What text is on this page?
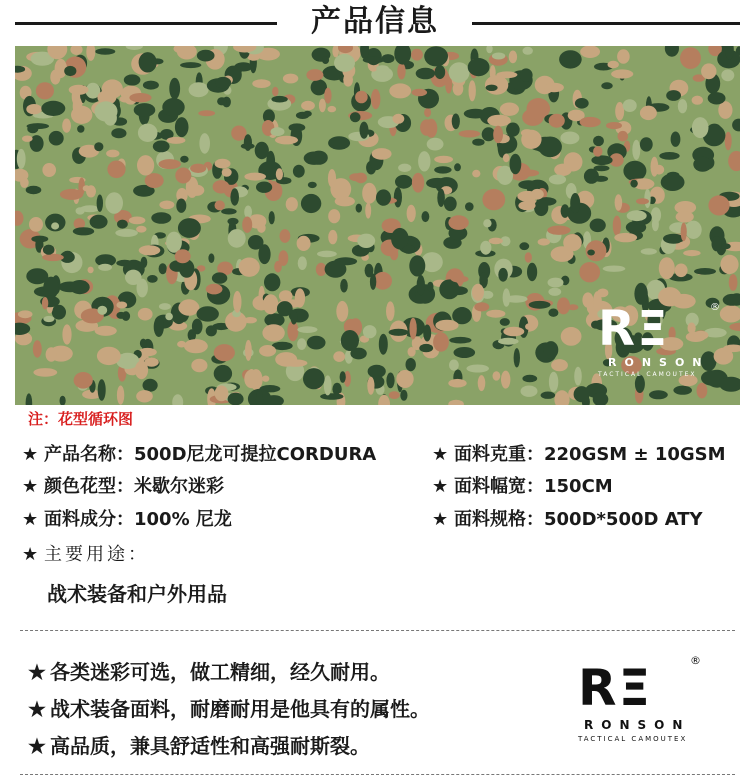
产品信息
RΞ	®
RONSON
TACTICAL CAMOUTEX
注：花型循环图
★ 产品名称：500D尼龙可提拉CORDURA
★ 颜色花型：米歇尔迷彩
★ 面料成分：100% 尼龙
★ 面料克重：220GSM ± 10GSM
★ 面料幅宽：150CM
★ 面料规格：500D*500D ATY
★ 主要用途：
战术装备和户外用品
★ 各类迷彩可选，做工精细，经久耐用。
★ 战术装备面料，耐磨耐用是他具有的属性。
★ 高品质，兼具舒适性和高强耐斯裂。
RΞ	®
RONSON
TACTICAL CAMOUTEX
